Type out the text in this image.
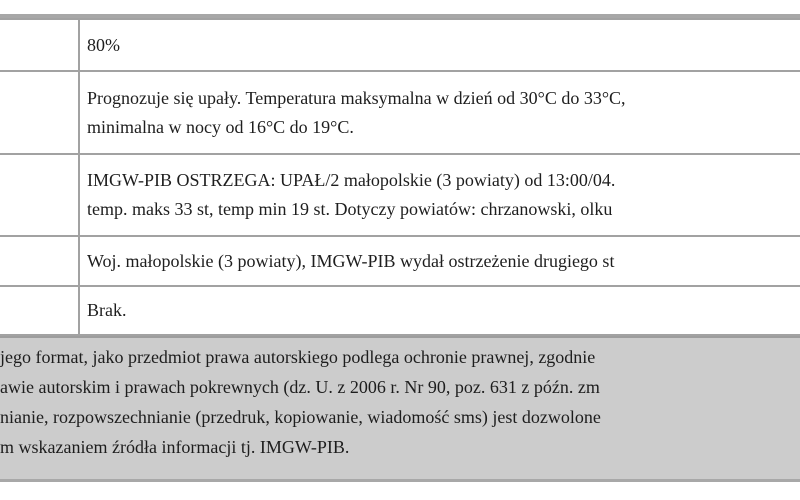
	80%

	Prognozuje się upały. Temperatura maksymalna w dzień od 30°C do 33°C,
minimalna w nocy od 16°C do 19°C.

	IMGW-PIB OSTRZEGA: UPAŁ/2 małopolskie (3 powiaty) od 13:00/04.
temp. maks 33 st, temp min 19 st. Dotyczy powiatów: chrzanowski, olku

	Woj. małopolskie (3 powiaty), IMGW-PIB wydał ostrzeżenie drugiego st

	Brak.
jego format, jako przedmiot prawa autorskiego podlega ochronie prawnej, zgodnie
awie autorskim i prawach pokrewnych (dz. U. z 2006 r. Nr 90, poz. 631 z późn. zm
nianie, rozpowszechnianie (przedruk, kopiowanie, wiadomość sms) jest dozwolone
m wskazaniem źródła informacji tj. IMGW-PIB.
